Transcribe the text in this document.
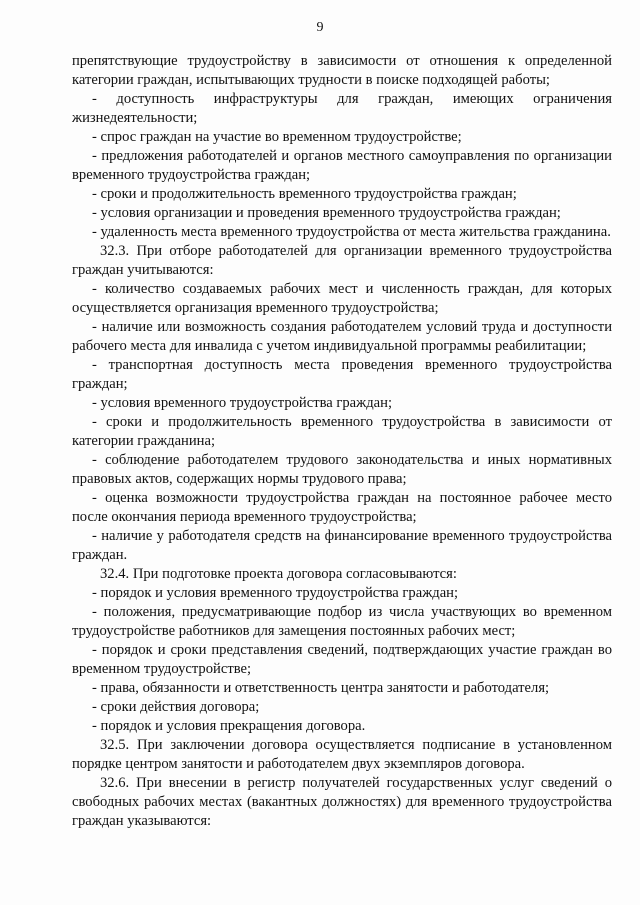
9

препятствующие трудоустройству в зависимости от отношения к определенной категории граждан, испытывающих трудности в поиске подходящей работы;

- доступность инфраструктуры для граждан, имеющих ограничения жизнедеятельности;

- спрос граждан на участие во временном трудоустройстве;

- предложения работодателей и органов местного самоуправления по организации временного трудоустройства граждан;

- сроки и продолжительность временного трудоустройства граждан;

- условия организации и проведения временного трудоустройства граждан;

- удаленность места временного трудоустройства от места жительства гражданина.

32.3. При отборе работодателей для организации временного трудоустройства граждан учитываются:

- количество создаваемых рабочих мест и численность граждан, для которых осуществляется организация временного трудоустройства;

- наличие или возможность создания работодателем условий труда и доступности рабочего места для инвалида с учетом индивидуальной программы реабилитации;

- транспортная доступность места проведения временного трудоустройства граждан;

- условия временного трудоустройства граждан;

- сроки и продолжительность временного трудоустройства в зависимости от категории гражданина;

- соблюдение работодателем трудового законодательства и иных нормативных правовых актов, содержащих нормы трудового права;

- оценка возможности трудоустройства граждан на постоянное рабочее место после окончания периода временного трудоустройства;

- наличие у работодателя средств на финансирование временного трудоустройства граждан.

32.4. При подготовке проекта договора согласовываются:

- порядок и условия временного трудоустройства граждан;

- положения, предусматривающие подбор из числа участвующих во временном трудоустройстве работников для замещения постоянных рабочих мест;

- порядок и сроки представления сведений, подтверждающих участие граждан во временном трудоустройстве;

- права, обязанности и ответственность центра занятости и работодателя;

- сроки действия договора;

- порядок и условия прекращения договора.

32.5. При заключении договора осуществляется подписание в установленном порядке центром занятости и работодателем двух экземпляров договора.

32.6. При внесении в регистр получателей государственных услуг сведений о свободных рабочих местах (вакантных должностях) для временного трудоустройства граждан указываются:
